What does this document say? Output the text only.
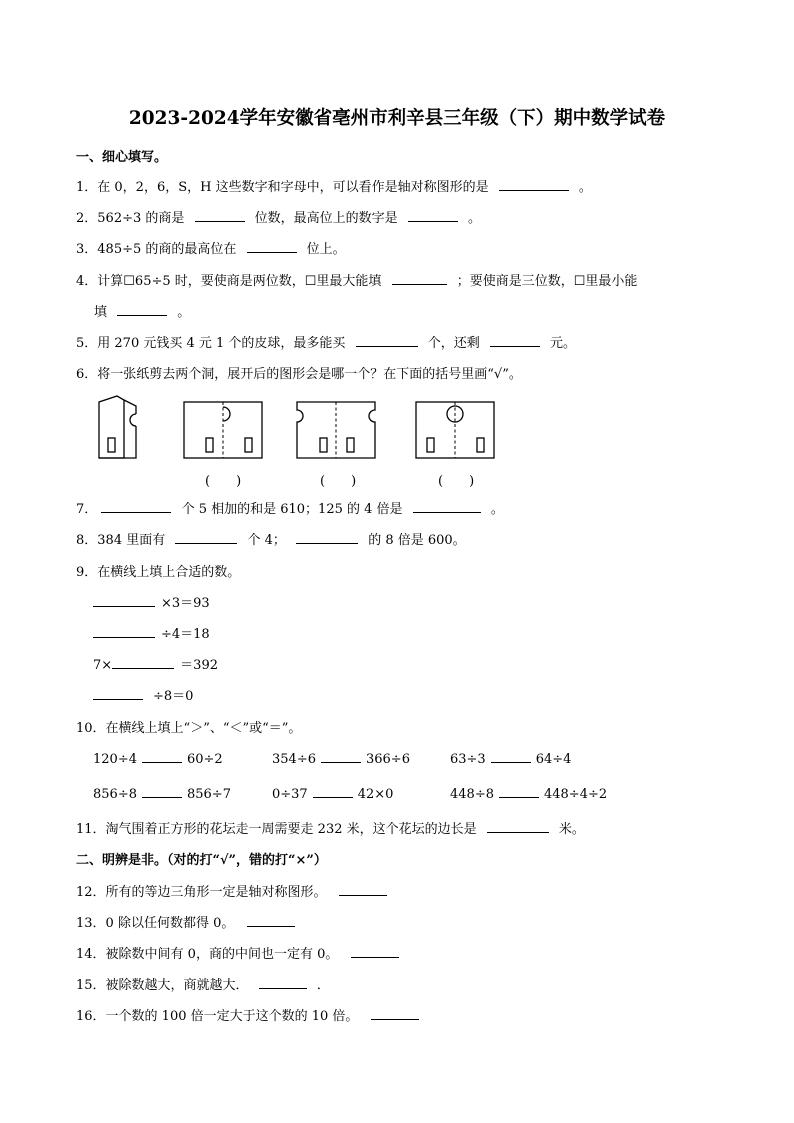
2023-2024学年安徽省亳州市利辛县三年级（下）期中数学试卷
一、细心填写。
1．在 0，2，6，S，H 这些数字和字母中，可以看作是轴对称图形的是	。
2．562÷3 的商是	位数，最高位上的数字是	。
3．485÷5 的商的最高位在	位上。
4．计算☐65÷5 时，要使商是两位数，☐里最大能填	；要使商是三位数，☐里最小能
填	。
5．用 270 元钱买 4 元 1 个的皮球，最多能买	个，还剩	元。
6．将一张纸剪去两个洞，展开后的图形会是哪一个？在下面的括号里画“√”。
(　　)	(　　)	(　　)
7．	个 5 相加的和是 610；125 的 4 倍是	。
8．384 里面有	个 4；	的 8 倍是 600。
9．在横线上填上合适的数。
×3＝93
÷4＝18
7×	＝392
÷8＝0
10．在横线上填上“＞”、“＜”或“＝”。
120÷4	60÷2	354÷6	366÷6	63÷3	64÷4
856÷8	856÷7	0÷37	42×0	448÷8	448÷4÷2
11．淘气围着正方形的花坛走一周需要走 232 米，这个花坛的边长是	米。
二、明辨是非。（对的打“√”，错的打“×”）
12．所有的等边三角形一定是轴对称图形。
13．0 除以任何数都得 0。
14．被除数中间有 0，商的中间也一定有 0。
15．被除数越大，商就越大．	．
16．一个数的 100 倍一定大于这个数的 10 倍。
